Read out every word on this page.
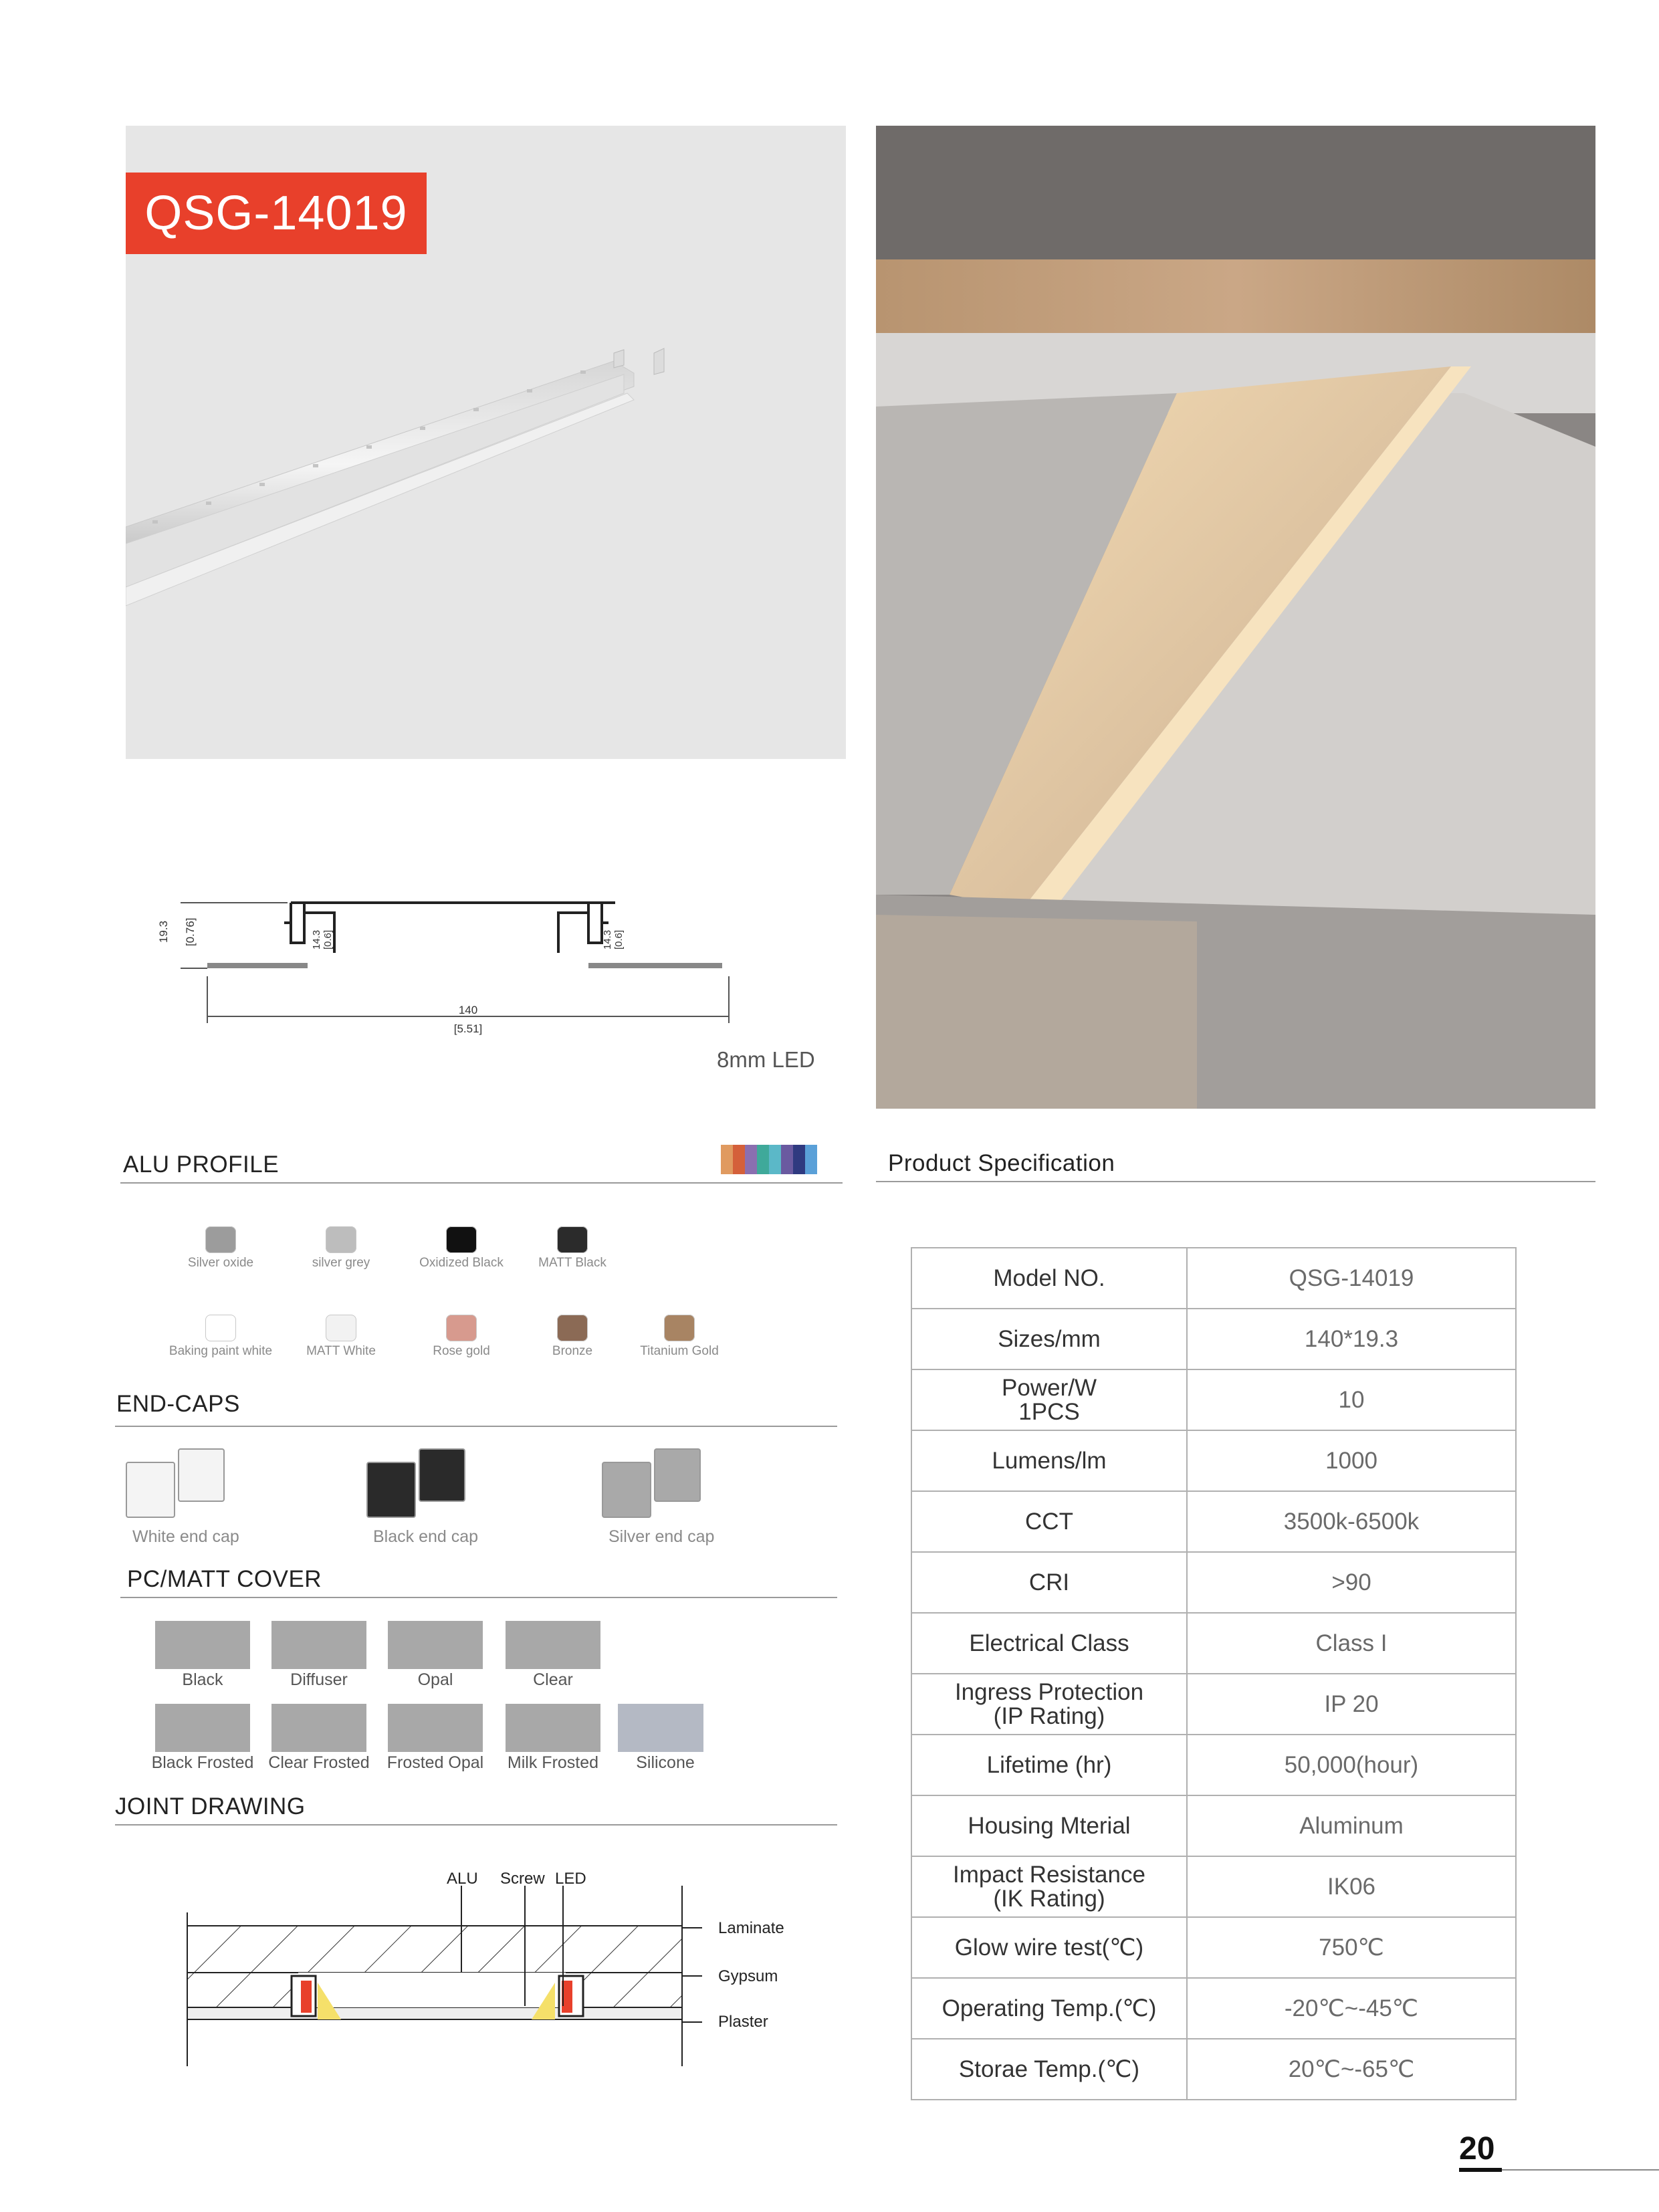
QSG-14019
19.3 [0.76]	14.3 [0.6]	14.3 [0.6]
140
[5.51]
8mm LED
ALU PROFILE
Silver oxide	silver grey	Oxidized Black	MATT Black
Baking paint white	MATT White	Rose gold	Bronze	Titanium Gold
END-CAPS
White end cap	Black end cap	Silver end cap
PC/MATT COVER
Black	Diffuser	Opal	Clear
Black Frosted Clear Frosted	Frosted Opal	Milk Frosted	Silicone
JOINT DRAWING
ALU Screw LED
Laminate
Gypsum
Plaster
Product Specification
Model NO.	QSG-14019
Sizes/mm	140*19.3
Power/W
1PCS	10
Lumens/lm	1000
CCT	3500k-6500k
CRI	>90
Electrical Class	Class I
Ingress Protection
(IP Rating)	IP 20
Lifetime (hr)	50,000(hour)
Housing Mterial	Aluminum
Impact Resistance
(IK Rating)	IK06
Glow wire test(℃)	750℃
Operating Temp.(℃)	-20℃~-45℃
Storae Temp.(℃)	20℃~-65℃
20
